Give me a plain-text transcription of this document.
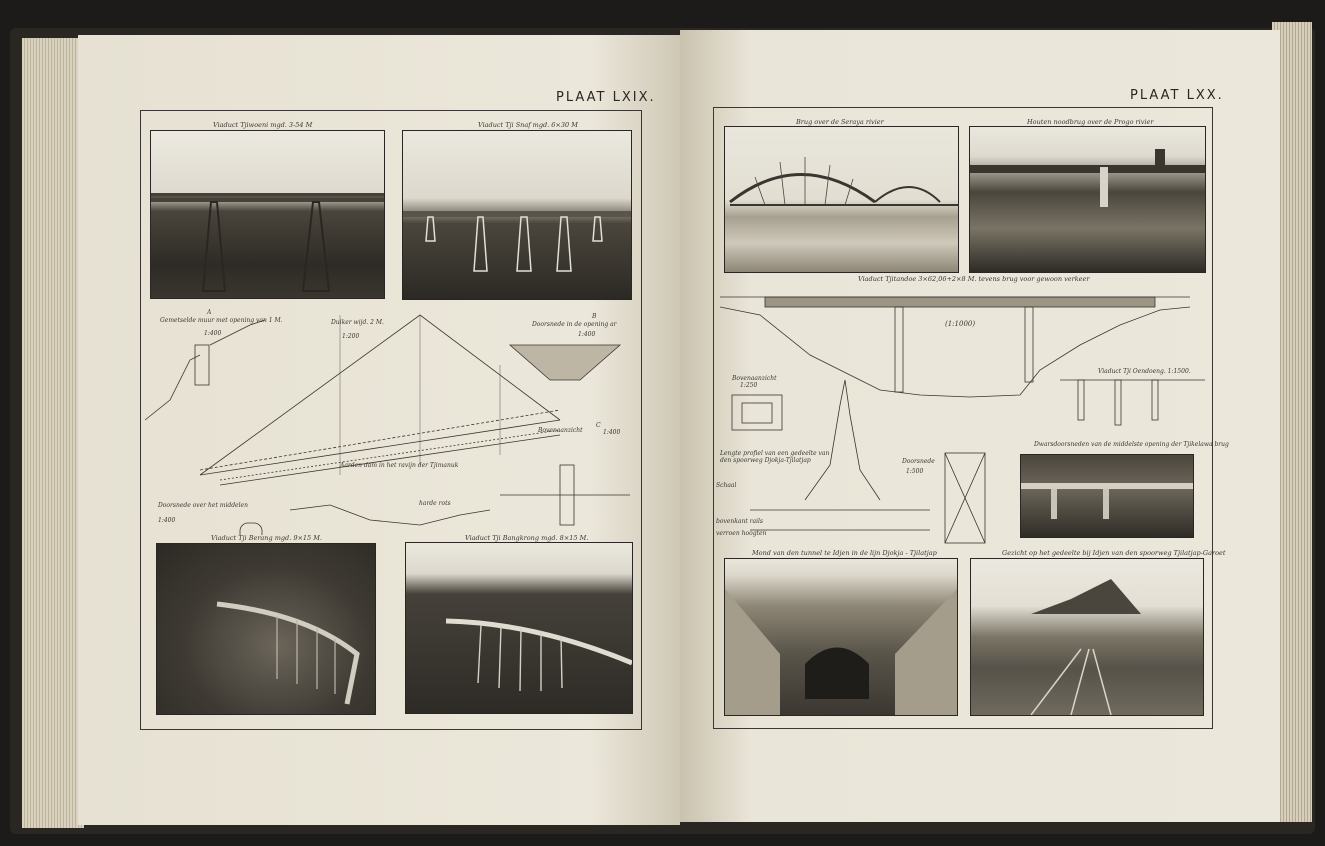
PLAAT LXIX.
Viaduct Tjiwoeni mgd. 3-54 M	Viaduct Tji Snaf mgd. 6×30 M
A
Gemetselde muur met opening van 1 M.
1:400
Duiker wijd. 2 M.
1:200
B
Doorsnede in de opening ar
1:400
C
Bovenaanzicht	1:400
Aarden dam in het ravijn der Tjimanuk
Doorsnede over het middelen
1:400
harde rots
Viaduct Tji Berang mgd. 9×15 M.	Viaduct Tji Bangkrong mgd. 8×15 M.
PLAAT LXX.
Brug over de Seraya rivier	Houten noodbrug over de Progo rivier
Viaduct Tjitandoe 3×62,06+2×8 M. tevens brug voor gewoon verkeer
(1:1000)
Bovenaanzicht
1:250
Viaduct Tji Oendoeng. 1:1500.
Lengte profiel van een gedeelte van den spoorweg Djokja-Tjilatjap	Doorsnede
1:500
Schaal
bovenkant rails
verroen hoogten
Dwarsdoorsneden van de middelste opening der Tjikelawa brug
Mond van den tunnel te Idjen in de lijn Djokja - Tjilatjap	Gezicht op het gedeelte bij Idjen van den spoorweg Tjilatjap-Garoet
